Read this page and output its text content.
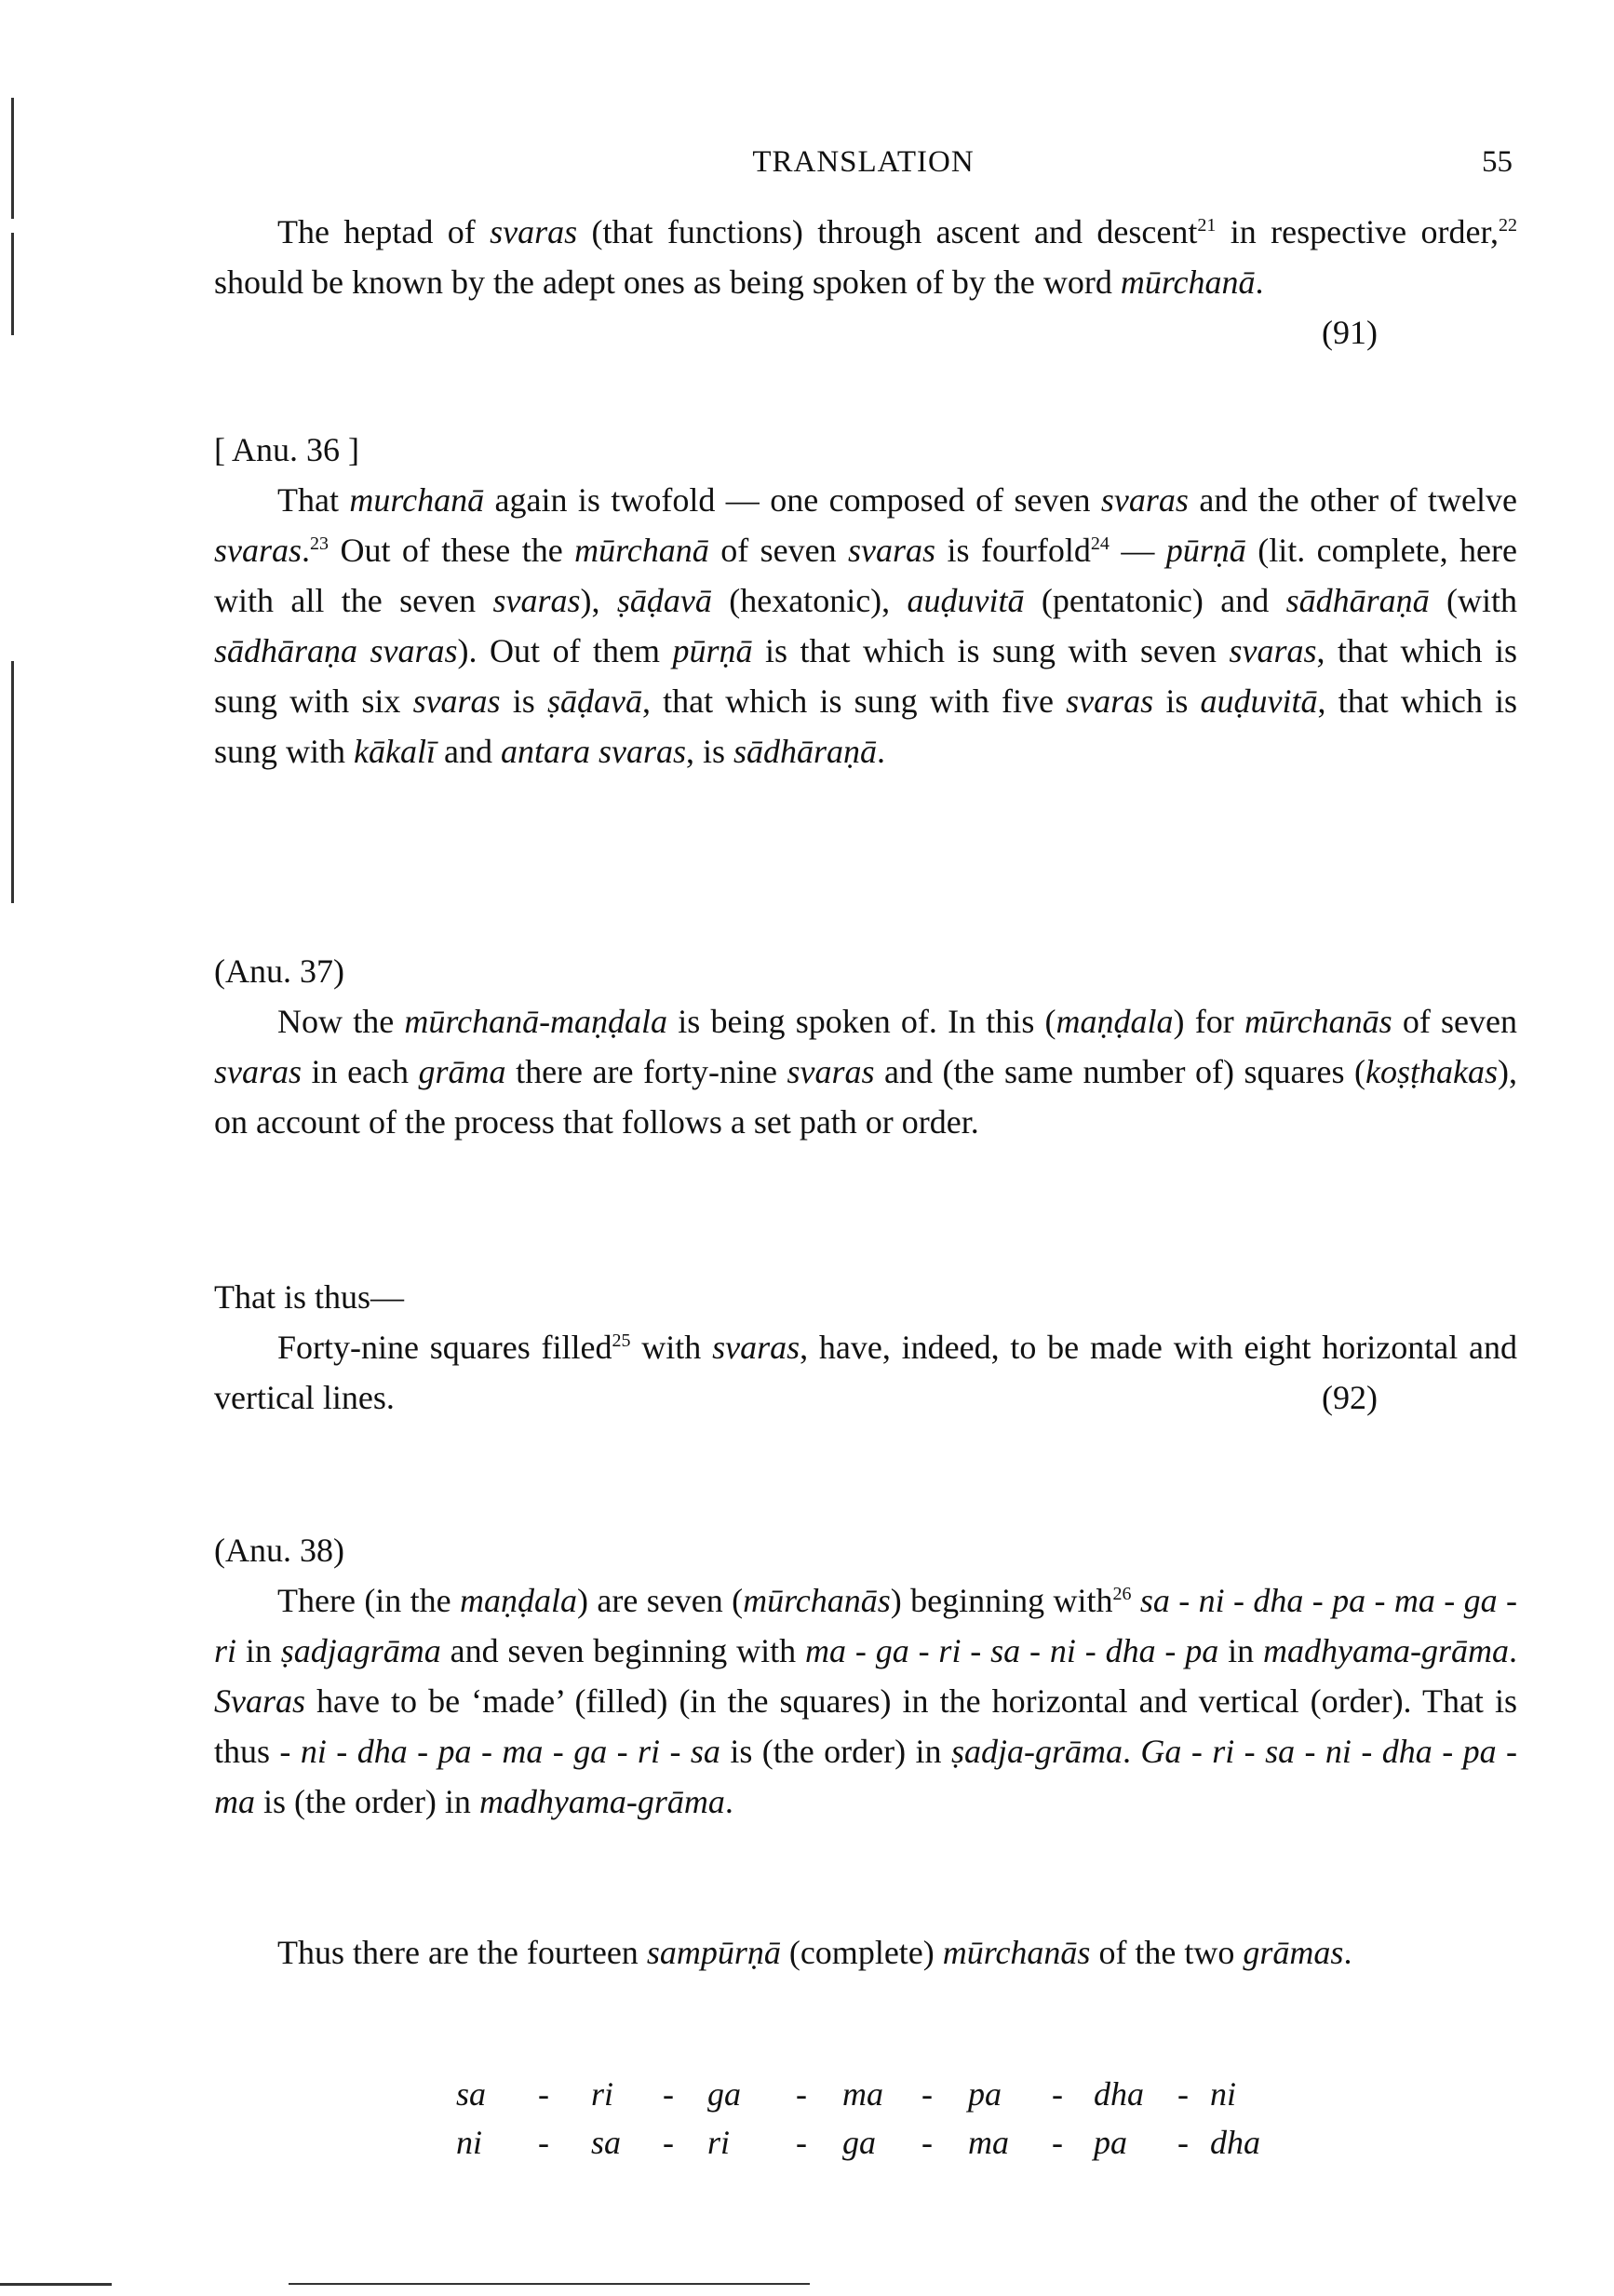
TRANSLATION	55

The heptad of svaras (that functions) through ascent and descent$^{21}$ in respective order,$^{22}$ should be known by the adept ones as being spoken of by the word mūrchanā.
(91)

[ Anu. 36 ]

That murchanā again is twofold — one composed of seven svaras and the other of twelve svaras.$^{23}$ Out of these the mūrchanā of seven svaras is fourfold$^{24}$ — pūrṇā (lit. complete, here with all the seven svaras), ṣāḍavā (hexatonic), auḍuvitā (pentatonic) and sādhāraṇā (with sādhāraṇa svaras). Out of them pūrṇā is that which is sung with seven svaras, that which is sung with six svaras is ṣāḍavā, that which is sung with five svaras is auḍuvitā, that which is sung with kākalī and antara svaras, is sādhāraṇā.

(Anu. 37)

Now the mūrchanā-maṇḍala is being spoken of. In this (maṇḍala) for mūrchanās of seven svaras in each grāma there are forty-nine svaras and (the same number of) squares (koṣṭhakas), on account of the process that follows a set path or order.

That is thus—

Forty-nine squares filled$^{25}$ with svaras, have, indeed, to be made with eight horizontal and vertical lines.	(92)

(Anu. 38)

There (in the maṇḍala) are seven (mūrchanās) beginning with$^{26}$ sa - ni - dha - pa - ma - ga - ri in ṣadjagrāma and seven beginning with ma - ga - ri - sa - ni - dha - pa in madhyama-grāma. Svaras have to be ‘made’ (filled) (in the squares) in the horizontal and vertical (order). That is thus - ni - dha - pa - ma - ga - ri - sa is (the order) in ṣadja-grāma. Ga - ri - sa - ni - dha - pa - ma is (the order) in madhyama-grāma.

Thus there are the fourteen sampūrṇā (complete) mūrchanās of the two grāmas.

sa - ri - ga - ma - pa - dha - ni
ni - sa - ri - ga - ma - pa - dha
